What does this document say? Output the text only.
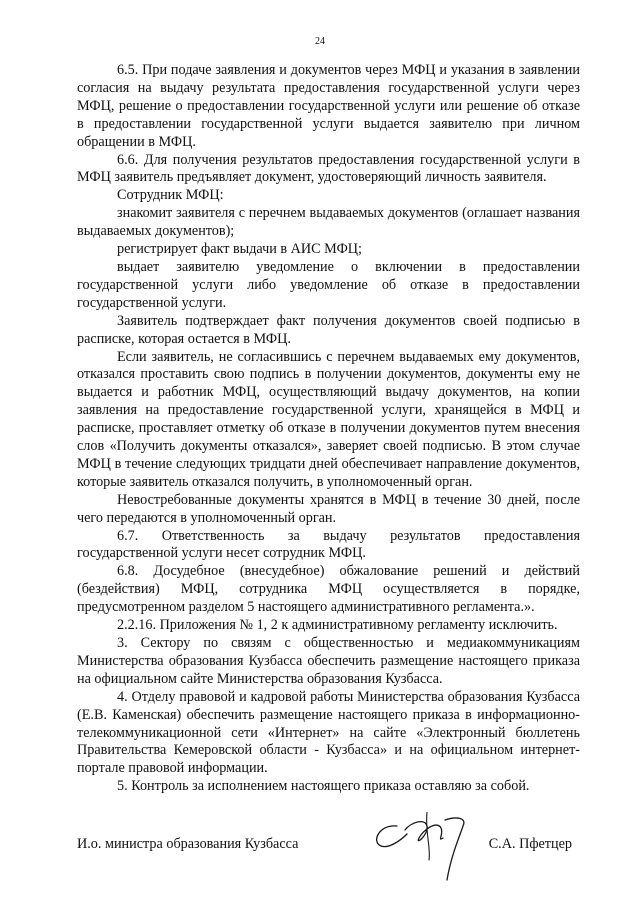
24

6.5. При подаче заявления и документов через МФЦ и указания в заявлении согласия на выдачу результата предоставления государственной услуги через МФЦ, решение о предоставлении государственной услуги или решение об отказе в предоставлении государственной услуги выдается заявителю при личном обращении в МФЦ.

6.6. Для получения результатов предоставления государственной услуги в МФЦ заявитель предъявляет документ, удостоверяющий личность заявителя.

Сотрудник МФЦ:

знакомит заявителя с перечнем выдаваемых документов (оглашает названия выдаваемых документов);

регистрирует факт выдачи в АИС МФЦ;

выдает заявителю уведомление о включении в предоставлении государственной услуги либо уведомление об отказе в предоставлении государственной услуги.

Заявитель подтверждает факт получения документов своей подписью в расписке, которая остается в МФЦ.

Если заявитель, не согласившись с перечнем выдаваемых ему документов, отказался проставить свою подпись в получении документов, документы ему не выдается и работник МФЦ, осуществляющий выдачу документов, на копии заявления на предоставление государственной услуги, хранящейся в МФЦ и расписке, проставляет отметку об отказе в получении документов путем внесения слов «Получить документы отказался», заверяет своей подписью. В этом случае МФЦ в течение следующих тридцати дней обеспечивает направление документов, которые заявитель отказался получить, в уполномоченный орган.

Невостребованные документы хранятся в МФЦ в течение 30 дней, после чего передаются в уполномоченный орган.

6.7. Ответственность за выдачу результатов предоставления государственной услуги несет сотрудник МФЦ.

6.8. Досудебное (внесудебное) обжалование решений и действий (бездействия) МФЦ, сотрудника МФЦ осуществляется в порядке, предусмотренном разделом 5 настоящего административного регламента.».

2.2.16. Приложения № 1, 2 к административному регламенту исключить.

3. Сектору по связям с общественностью и медиакоммуникациям Министерства образования Кузбасса обеспечить размещение настоящего приказа на официальном сайте Министерства образования Кузбасса.

4. Отделу правовой и кадровой работы Министерства образования Кузбасса (Е.В. Каменская) обеспечить размещение настоящего приказа в информационно-телекоммуникационной сети «Интернет» на сайте «Электронный бюллетень Правительства Кемеровской области - Кузбасса» и на официальном интернет-портале правовой информации.

5. Контроль за исполнением настоящего приказа оставляю за собой.

И.о. министра образования Кузбасса	С.А. Пфетцер
